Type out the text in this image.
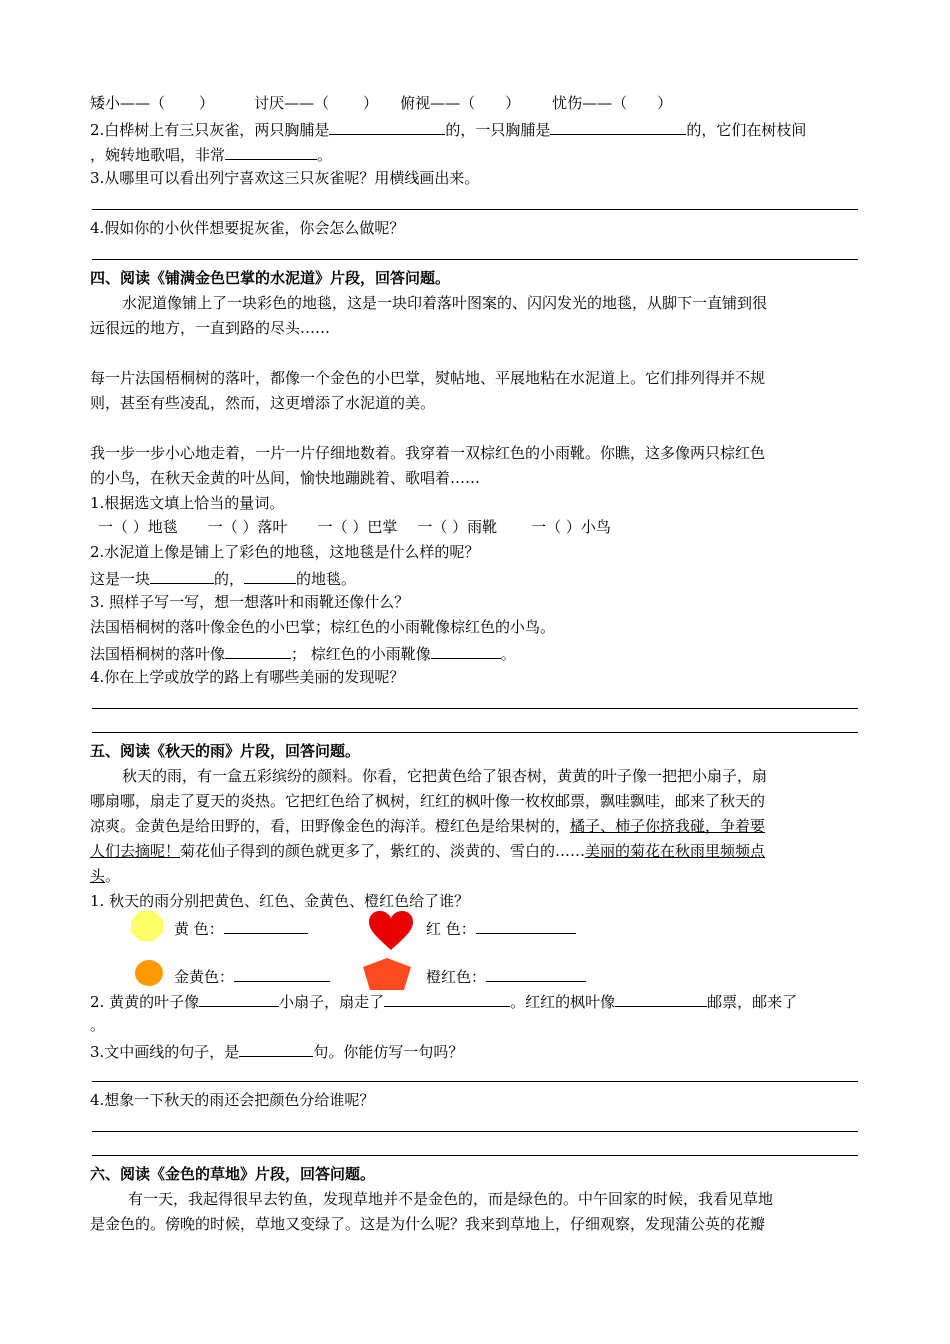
矮小——（ ）	讨厌——（ ） 俯视——（ ） 忧伤——（ ）
2.白桦树上有三只灰雀，两只胸脯是	的，一只胸脯是	的，它们在树枝间
，婉转地歌唱，非常	。
3.从哪里可以看出列宁喜欢这三只灰雀呢？用横线画出来。
4.假如你的小伙伴想要捉灰雀，你会怎么做呢？
四、阅读《铺满金色巴掌的水泥道》片段，回答问题。
水泥道像铺上了一块彩色的地毯，这是一块印着落叶图案的、闪闪发光的地毯，从脚下一直铺到很
远很远的地方，一直到路的尽头……
每一片法国梧桐树的落叶，都像一个金色的小巴掌，熨帖地、平展地粘在水泥道上。它们排列得并不规
则，甚至有些凌乱，然而，这更增添了水泥道的美。
我一步一步小心地走着，一片一片仔细地数着。我穿着一双棕红色的小雨靴。你瞧，这多像两只棕红色
的小鸟，在秋天金黄的叶丛间，愉快地蹦跳着、歌唱着……
1.根据选文填上恰当的量词。
一（ ）地毯 一（ ）落叶 一（ ）巴掌 一（ ）雨靴 一（ ）小鸟
2.水泥道上像是铺上了彩色的地毯，这地毯是什么样的呢？
这是一块	的，	的地毯。
3. 照样子写一写，想一想落叶和雨靴还像什么？
法国梧桐树的落叶像金色的小巴掌；棕红色的小雨靴像棕红色的小鸟。
法国梧桐树的落叶像	； 棕红色的小雨靴像	。
4.你在上学或放学的路上有哪些美丽的发现呢？
五、阅读《秋天的雨》片段，回答问题。
秋天的雨，有一盒五彩缤纷的颜料。你看，它把黄色给了银杏树，黄黄的叶子像一把把小扇子，扇
哪扇哪，扇走了夏天的炎热。它把红色给了枫树，红红的枫叶像一枚枚邮票，飘哇飘哇，邮来了秋天的
凉爽。金黄色是给田野的，看，田野像金色的海洋。橙红色是给果树的，橘子、柿子你挤我碰，争着要
人们去摘呢！菊花仙子得到的颜色就更多了，紫红的、淡黄的、雪白的……美丽的菊花在秋雨里频频点
头。
1. 秋天的雨分别把黄色、红色、金黄色、橙红色给了谁？
黄 色：	红 色：
金黄色：	橙红色：
2. 黄黄的叶子像	小扇子，扇走了	。红红的枫叶像	邮票，邮来了
。
3.文中画线的句子，是	句。你能仿写一句吗？
4.想象一下秋天的雨还会把颜色分给谁呢？
六、阅读《金色的草地》片段，回答问题。
有一天，我起得很早去钓鱼，发现草地并不是金色的，而是绿色的。中午回家的时候，我看见草地
是金色的。傍晚的时候，草地又变绿了。这是为什么呢？我来到草地上，仔细观察，发现蒲公英的花瓣
